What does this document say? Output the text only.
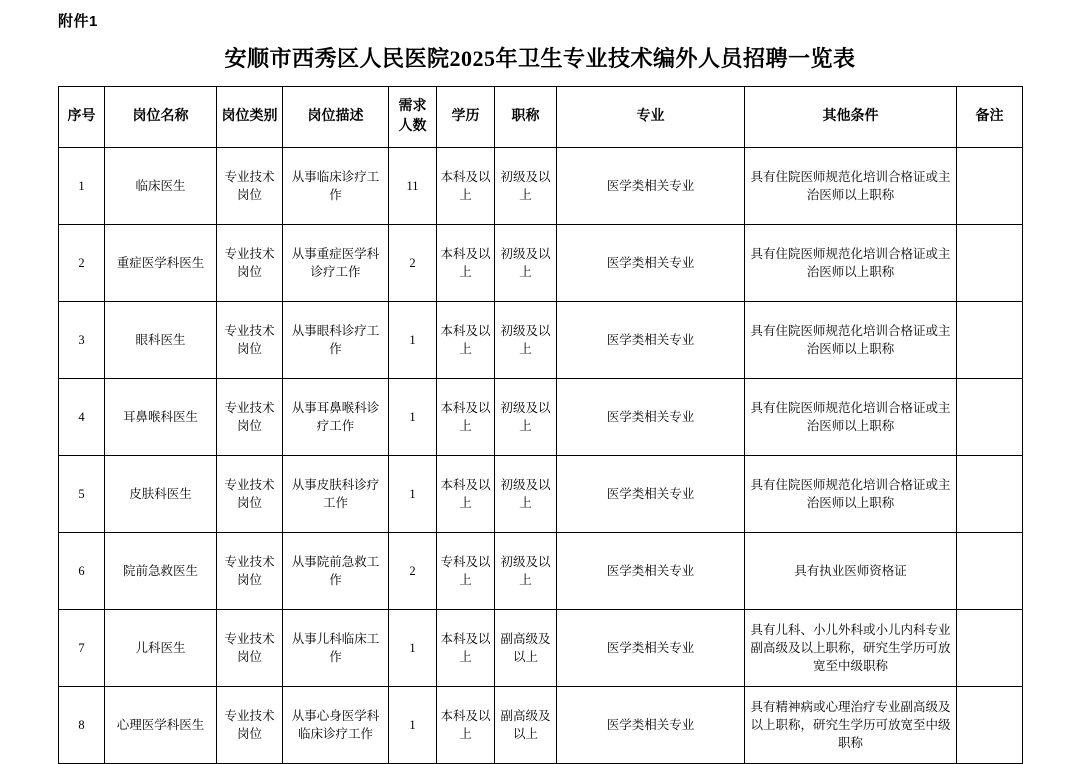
附件1
安顺市西秀区人民医院2025年卫生专业技术编外人员招聘一览表
序号	岗位名称	岗位类别	岗位描述	需求人数	学历	职称	专业	其他条件	备注
1	临床医生	专业技术岗位	从事临床诊疗工作	11	本科及以上	初级及以上	医学类相关专业	具有住院医师规范化培训合格证或主治医师以上职称	
2	重症医学科医生	专业技术岗位	从事重症医学科诊疗工作	2	本科及以上	初级及以上	医学类相关专业	具有住院医师规范化培训合格证或主治医师以上职称	
3	眼科医生	专业技术岗位	从事眼科诊疗工作	1	本科及以上	初级及以上	医学类相关专业	具有住院医师规范化培训合格证或主治医师以上职称	
4	耳鼻喉科医生	专业技术岗位	从事耳鼻喉科诊疗工作	1	本科及以上	初级及以上	医学类相关专业	具有住院医师规范化培训合格证或主治医师以上职称	
5	皮肤科医生	专业技术岗位	从事皮肤科诊疗工作	1	本科及以上	初级及以上	医学类相关专业	具有住院医师规范化培训合格证或主治医师以上职称	
6	院前急救医生	专业技术岗位	从事院前急救工作	2	专科及以上	初级及以上	医学类相关专业	具有执业医师资格证	
7	儿科医生	专业技术岗位	从事儿科临床工作	1	本科及以上	副高级及以上	医学类相关专业	具有儿科、小儿外科或小儿内科专业副高级及以上职称，研究生学历可放宽至中级职称	
8	心理医学科医生	专业技术岗位	从事心身医学科临床诊疗工作	1	本科及以上	副高级及以上	医学类相关专业	具有精神病或心理治疗专业副高级及以上职称，研究生学历可放宽至中级职称	
